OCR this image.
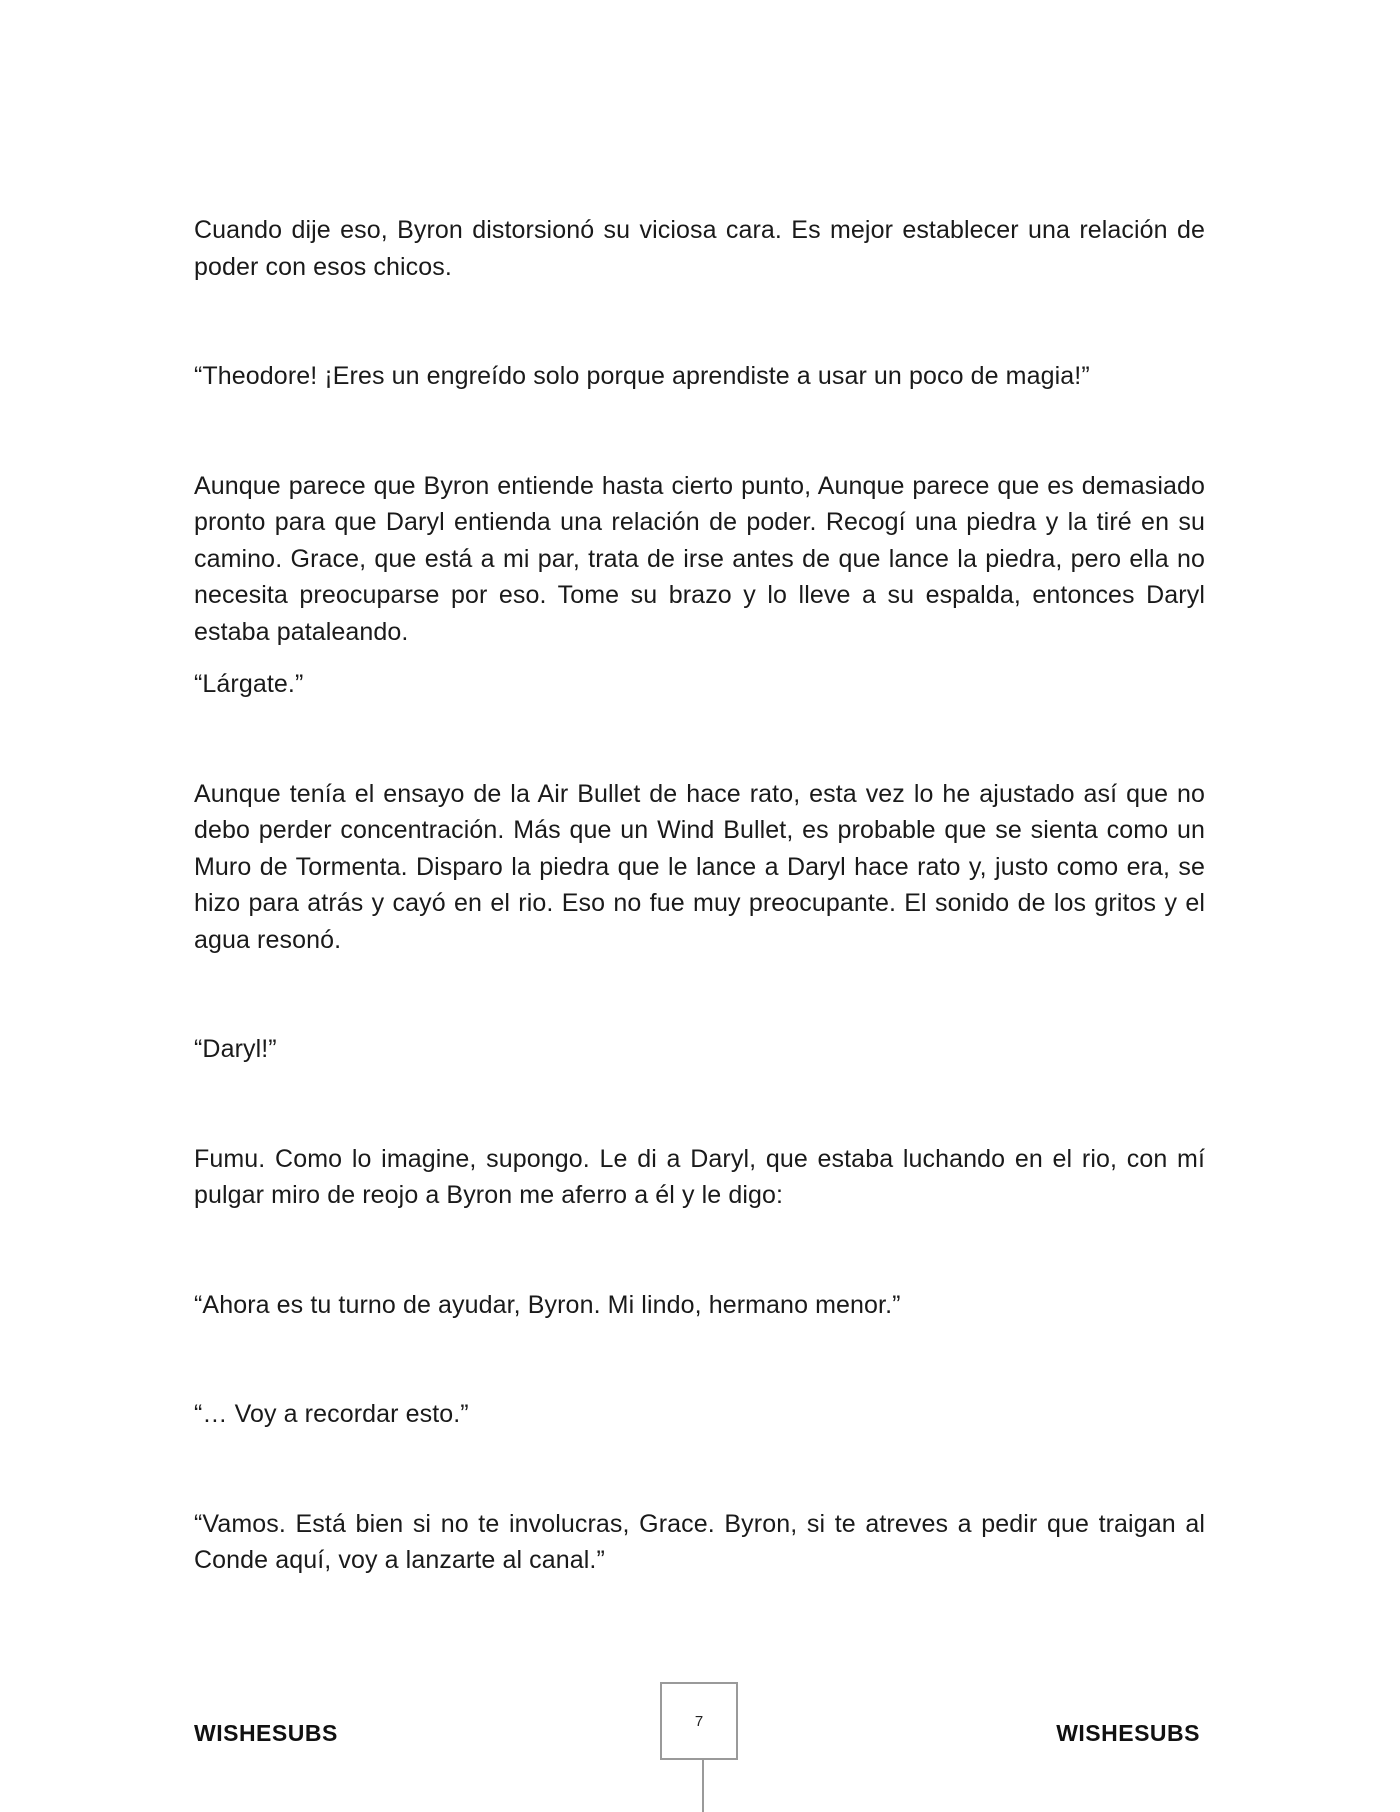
Cuando dije eso, Byron distorsionó su viciosa cara. Es mejor establecer una relación de poder con esos chicos.

“Theodore! ¡Eres un engreído solo porque aprendiste a usar un poco de magia!”

Aunque parece que Byron entiende hasta cierto punto, Aunque parece que es demasiado pronto para que Daryl entienda una relación de poder. Recogí una piedra y la tiré en su camino. Grace, que está a mi par, trata de irse antes de que lance la piedra, pero ella no necesita preocuparse por eso. Tome su brazo y lo lleve a su espalda, entonces Daryl estaba pataleando.

“Lárgate.”

Aunque tenía el ensayo de la Air Bullet de hace rato, esta vez lo he ajustado así que no debo perder concentración. Más que un Wind Bullet, es probable que se sienta como un Muro de Tormenta. Disparo la piedra que le lance a Daryl hace rato y, justo como era, se hizo para atrás y cayó en el rio. Eso no fue muy preocupante. El sonido de los gritos y el agua resonó.

“Daryl!”

Fumu. Como lo imagine, supongo. Le di a Daryl, que estaba luchando en el rio, con mí pulgar miro de reojo a Byron me aferro a él y le digo:

“Ahora es tu turno de ayudar, Byron. Mi lindo, hermano menor.”

“… Voy a recordar esto.”

“Vamos. Está bien si no te involucras, Grace. Byron, si te atreves a pedir que traigan al Conde aquí, voy a lanzarte al canal.”

WISHESUBS	7	WISHESUBS
